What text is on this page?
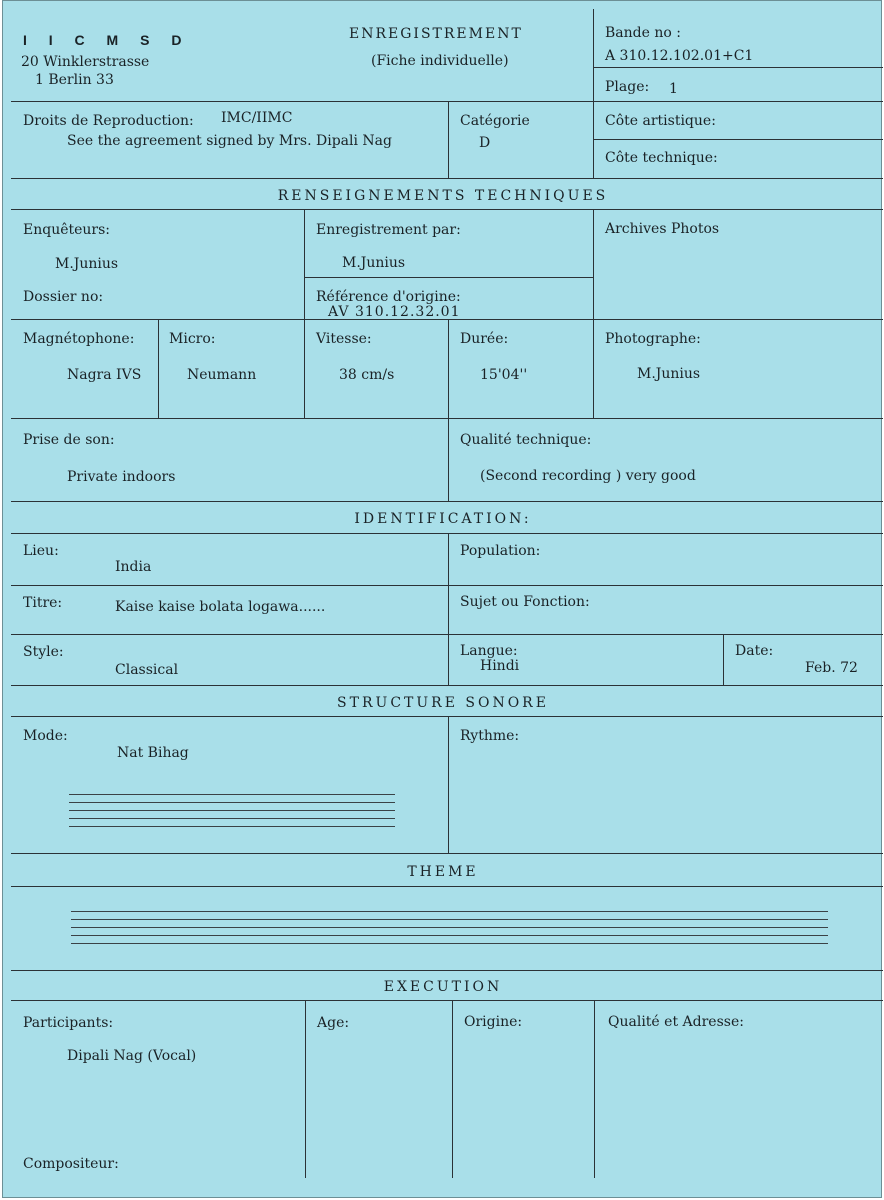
I I C M S D
20 Winklerstrasse
1 Berlin 33
ENREGISTREMENT
(Fiche individuelle)
Bande no :
A 310.12.102.01+C1
Plage: 1
Droits de Reproduction: IMC/IIMC
See the agreement signed by Mrs. Dipali Nag
Catégorie
D
Côte artistique:
Côte technique:
RENSEIGNEMENTS TECHNIQUES
Enquêteurs:
M.Junius
Enregistrement par:
M.Junius
Archives Photos
Dossier no:	Référence d'origine:
AV 310.12.32.01
Magnétophone:
Nagra IVS
Micro:
Neumann
Vitesse:
38 cm/s
Durée:
15'04''
Photographe:
M.Junius
Prise de son:
Private indoors
Qualité technique:
(Second recording ) very good
IDENTIFICATION:
Lieu:
India
Population:
Titre:	Kaise kaise bolata logawa......	Sujet ou Fonction:
Style:
Classical
Langue:
Hindi
Date:
Feb. 72
STRUCTURE SONORE
Mode:
Nat Bihag
Rythme:
THEME
EXECUTION
Participants:
Dipali Nag (Vocal)
Age:	Origine:	Qualité et Adresse:
Compositeur:
